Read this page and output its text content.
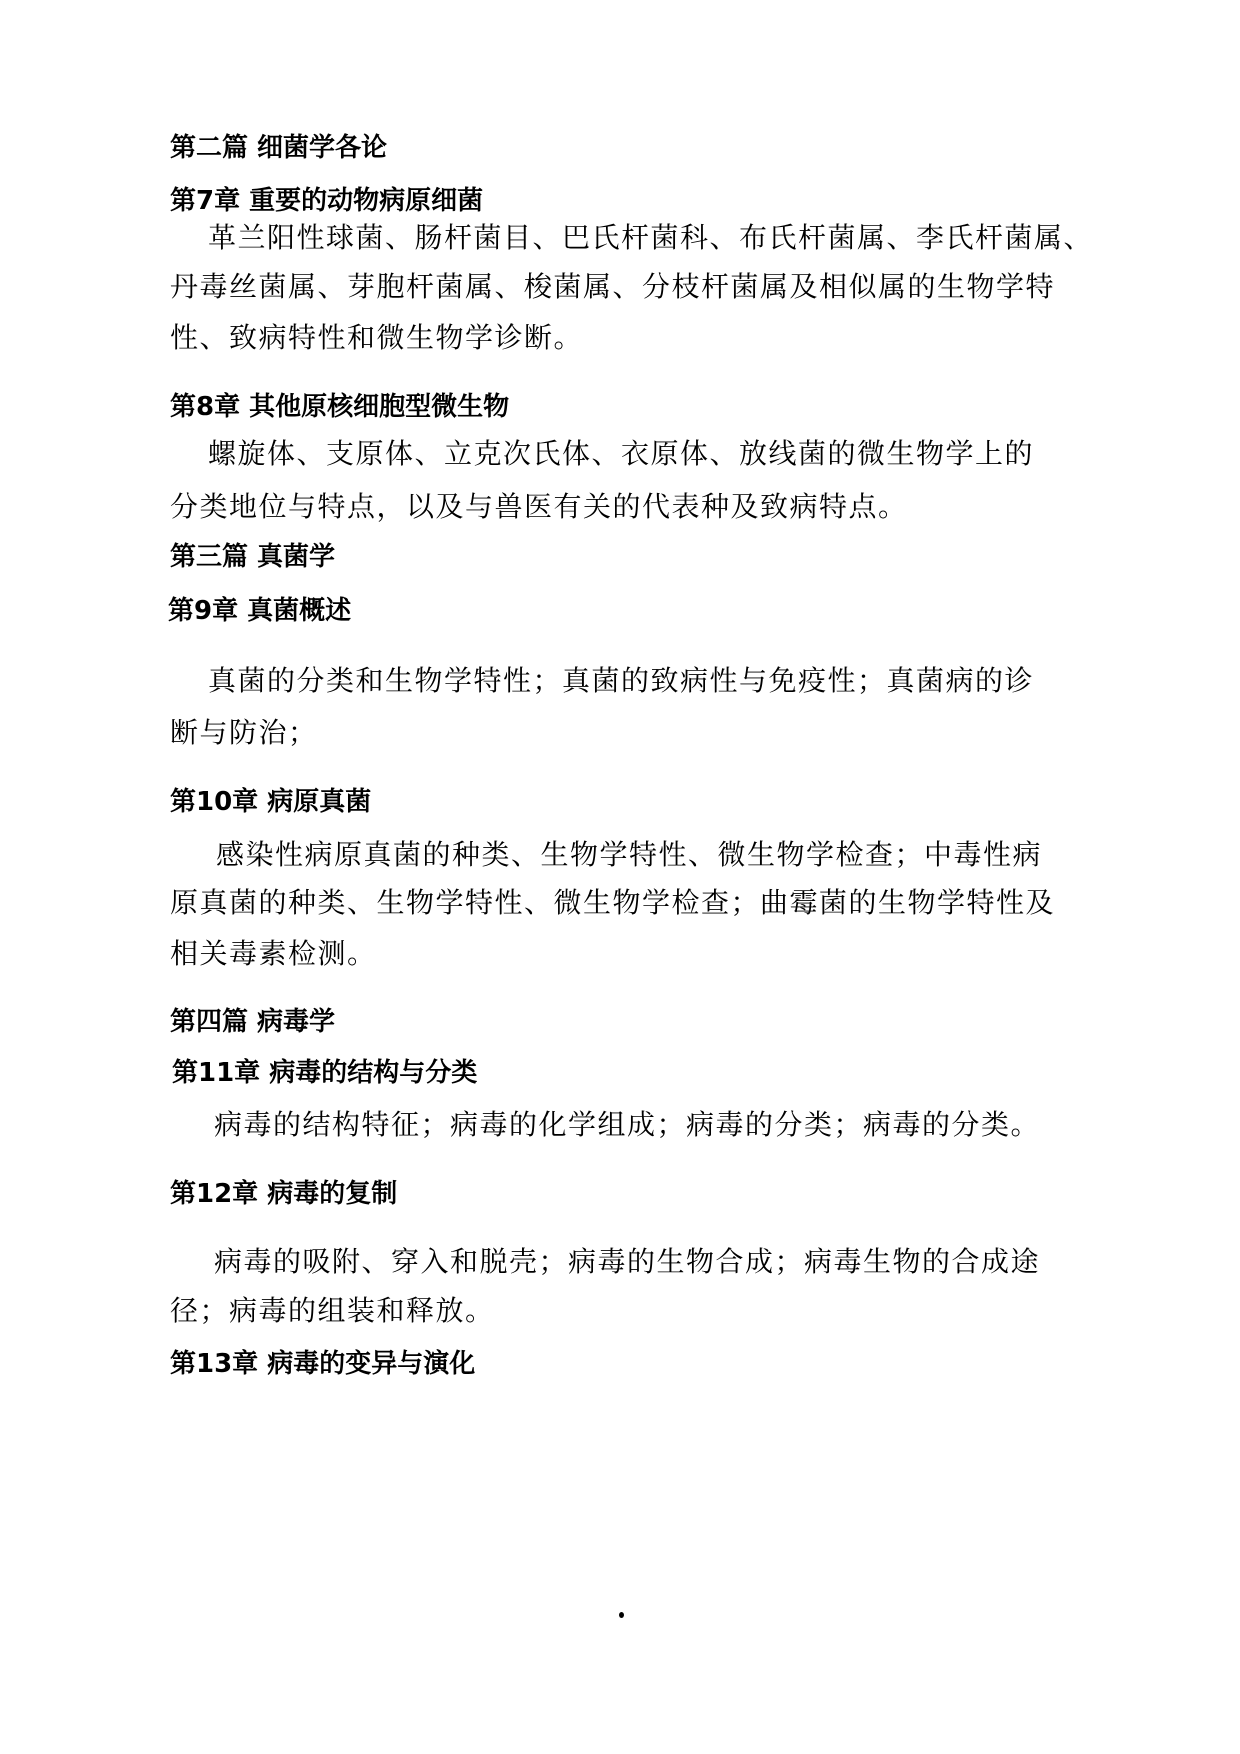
第二篇 细菌学各论
第7章 重要的动物病原细菌
革兰阳性球菌、肠杆菌目、巴氏杆菌科、布氏杆菌属、李氏杆菌属、
丹毒丝菌属、芽胞杆菌属、梭菌属、分枝杆菌属及相似属的生物学特
性、致病特性和微生物学诊断。
第8章 其他原核细胞型微生物
螺旋体、支原体、立克次氏体、衣原体、放线菌的微生物学上的
分类地位与特点，以及与兽医有关的代表种及致病特点。
第三篇 真菌学
第9章 真菌概述
真菌的分类和生物学特性；真菌的致病性与免疫性；真菌病的诊
断与防治；
第10章 病原真菌
感染性病原真菌的种类、生物学特性、微生物学检查；中毒性病
原真菌的种类、生物学特性、微生物学检查；曲霉菌的生物学特性及
相关毒素检测。
第四篇 病毒学
第11章 病毒的结构与分类
病毒的结构特征；病毒的化学组成；病毒的分类；病毒的分类。
第12章 病毒的复制
病毒的吸附、穿入和脱壳；病毒的生物合成；病毒生物的合成途
径；病毒的组装和释放。
第13章 病毒的变异与演化
